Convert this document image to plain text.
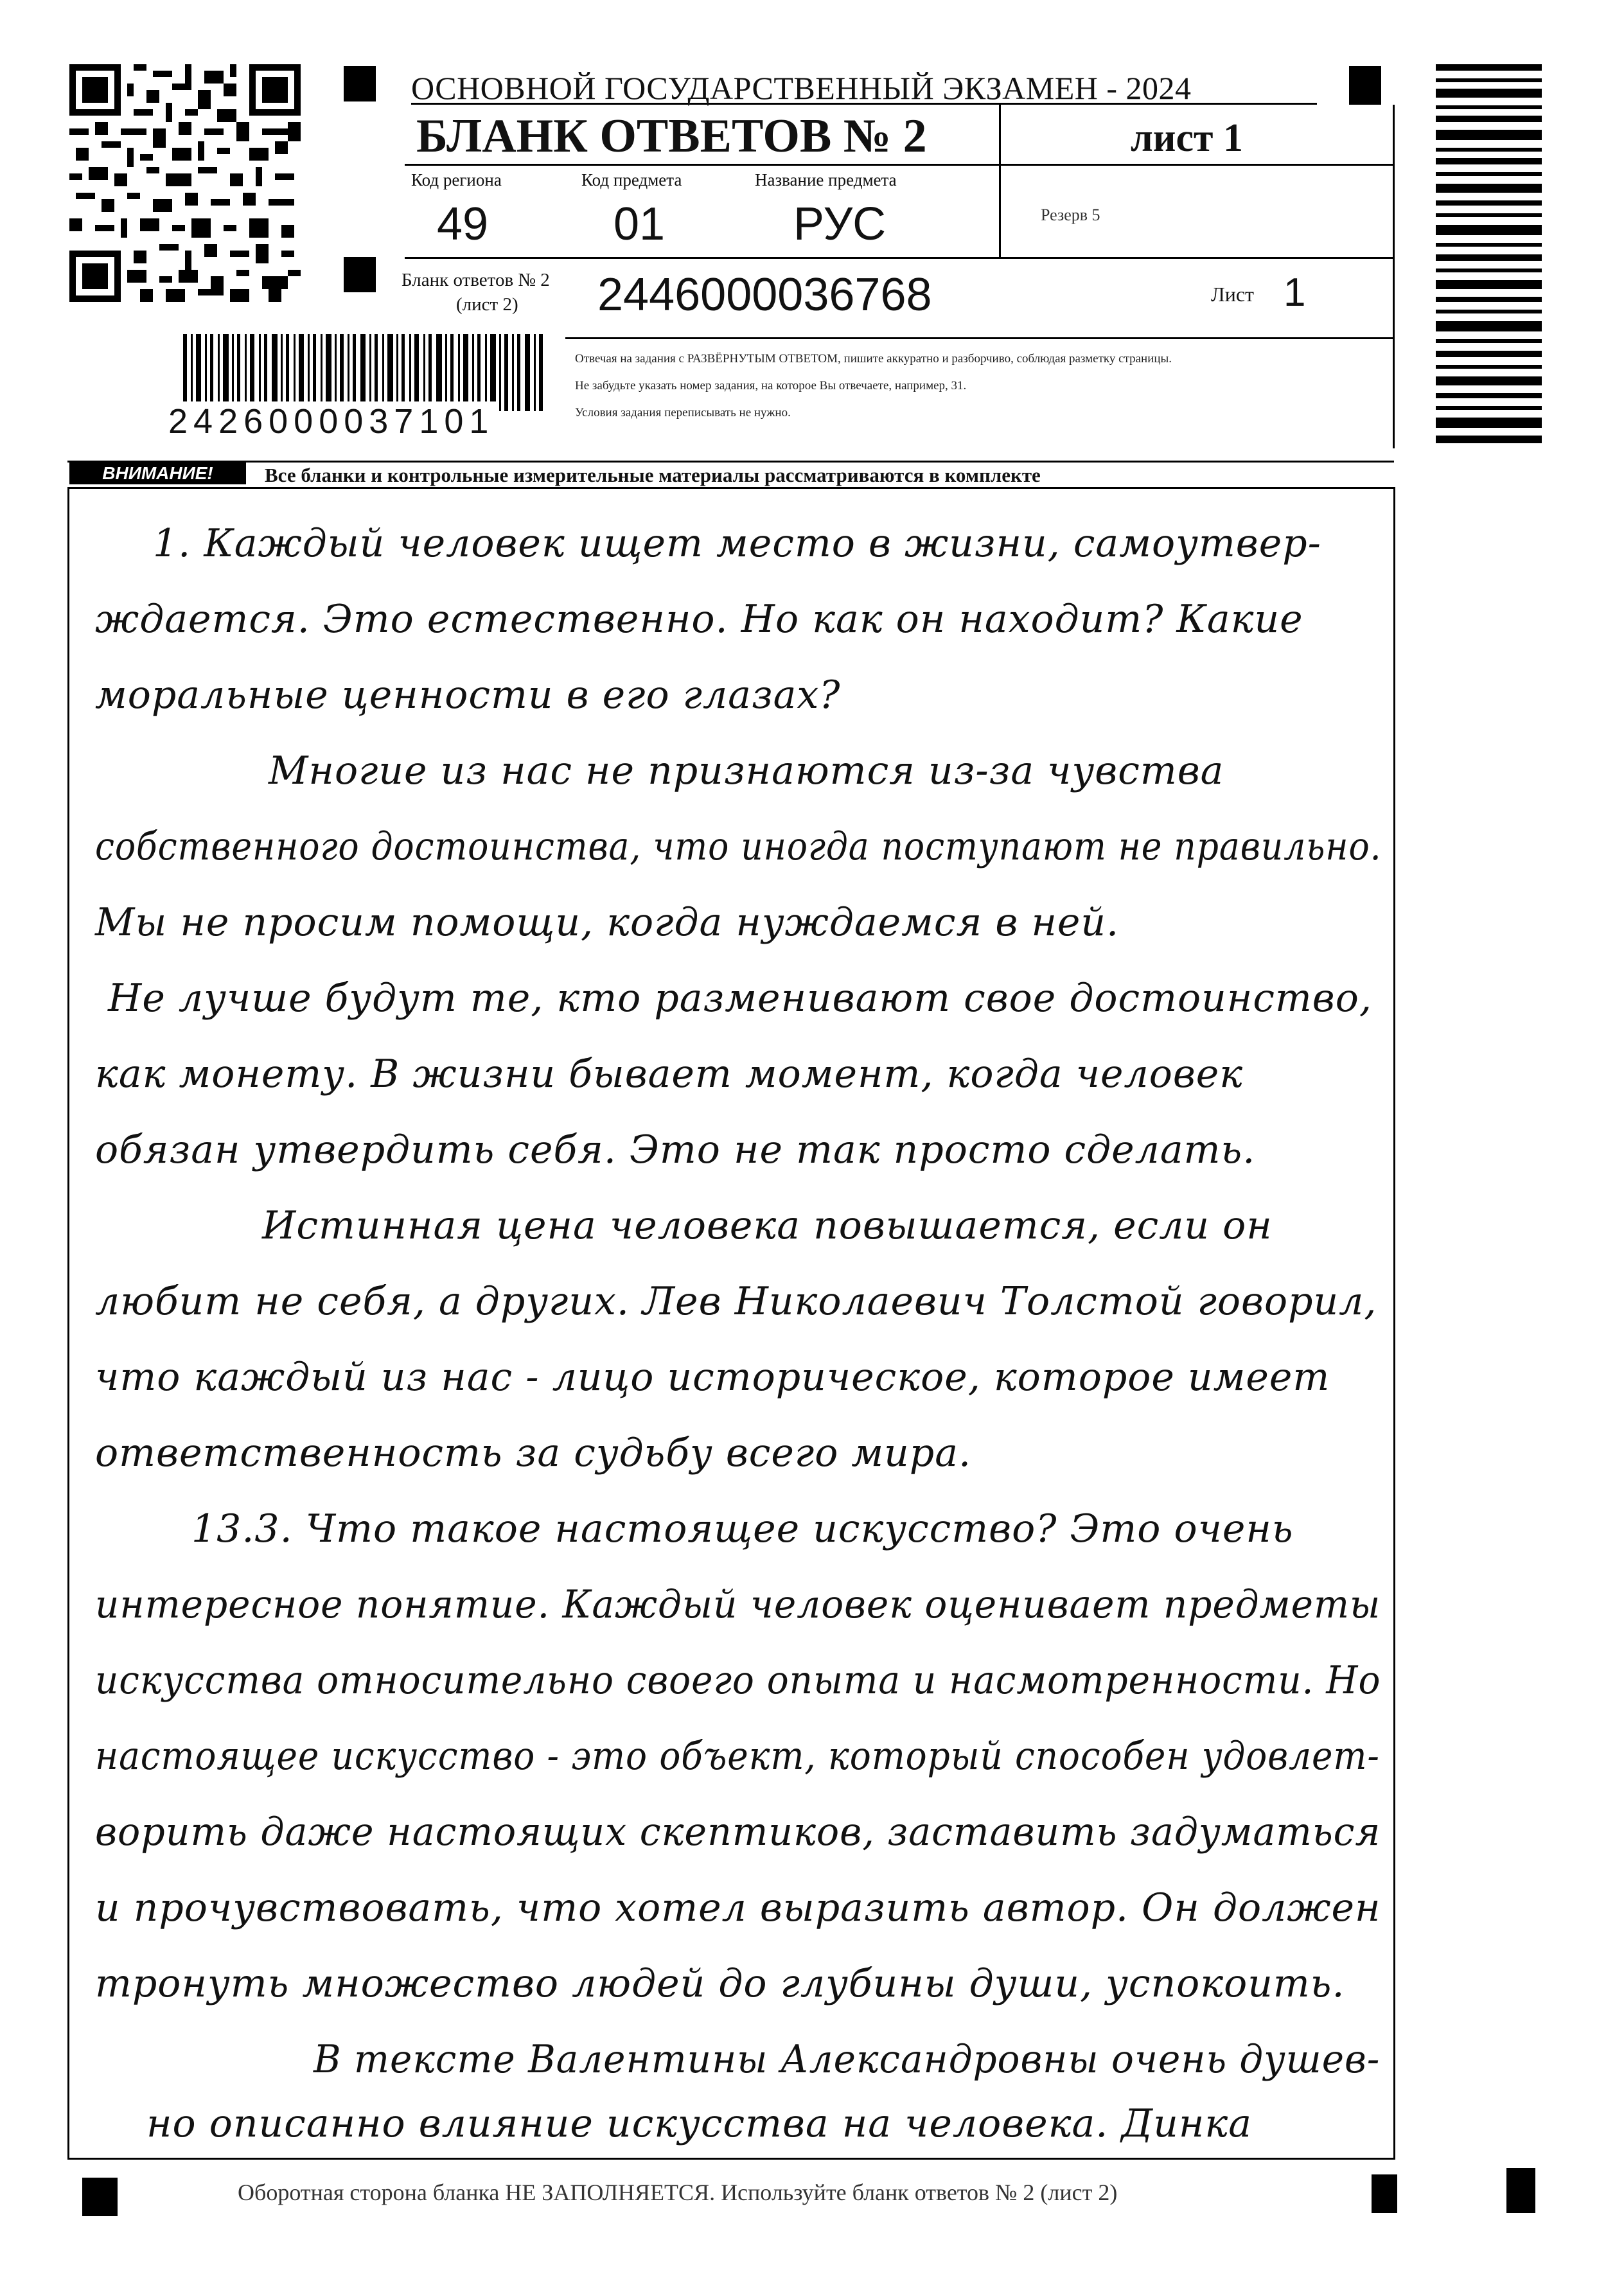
ОСНОВНОЙ ГОСУДАРСТВЕННЫЙ ЭКЗАМЕН - 2024
БЛАНК ОТВЕТОВ № 2	лист 1
Код региона
49
Код предмета
01
Название предмета
РУС	Резерв 5
Бланк ответов № 2
(лист 2) 2446000036768	Лист 1
Отвечая на задания с РАЗВЁРНУТЫМ ОТВЕТОМ, пишите аккуратно и разборчиво, соблюдая разметку страницы.
Не забудьте указать номер задания, на которое Вы отвечаете, например, 31.
Условия задания переписывать не нужно.
2426000037101
ВНИМАНИЕ!	Все бланки и контрольные измерительные материалы рассматриваются в комплекте
1. Каждый человек ищет место в жизни, самоутвер-
ждается. Это естественно. Но как он находит? Какие
моральные ценности в его глазах?
Многие из нас не признаются из-за чувства
собственного достоинства, что иногда поступают не правильно.
Мы не просим помощи, когда нуждаемся в ней.
Не лучше будут те, кто разменивают свое достоинство,
как монету. В жизни бывает момент, когда человек
обязан утвердить себя. Это не так просто сделать.
Истинная цена человека повышается, если он
любит не себя, а других. Лев Николаевич Толстой говорил,
что каждый из нас - лицо историческое, которое имеет
ответственность за судьбу всего мира.
13.3. Что такое настоящее искусство? Это очень
интересное понятие. Каждый человек оценивает предметы
искусства относительно своего опыта и насмотренности. Но
настоящее искусство - это объект, который способен удовлет-
ворить даже настоящих скептиков, заставить задуматься
и прочувствовать, что хотел выразить автор. Он должен
тронуть множество людей до глубины души, успокоить.
В тексте Валентины Александровны очень душев-
но описанно влияние искусства на человека. Динка
Оборотная сторона бланка НЕ ЗАПОЛНЯЕТСЯ. Используйте бланк ответов № 2 (лист 2)
